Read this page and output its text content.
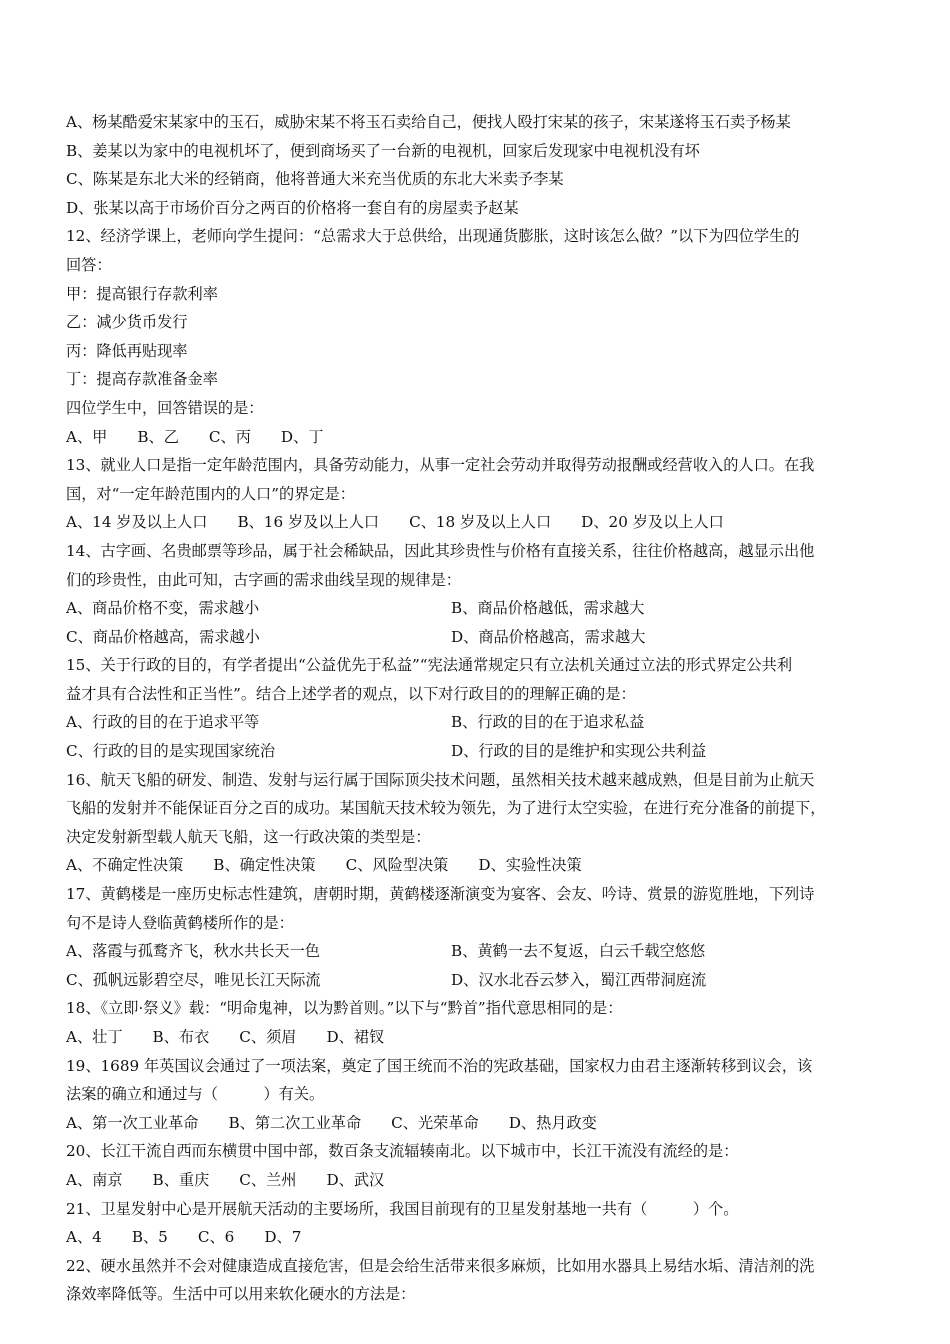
A、杨某酷爱宋某家中的玉石，威胁宋某不将玉石卖给自己，便找人殴打宋某的孩子，宋某遂将玉石卖予杨某
B、姜某以为家中的电视机坏了，便到商场买了一台新的电视机，回家后发现家中电视机没有坏
C、陈某是东北大米的经销商，他将普通大米充当优质的东北大米卖予李某
D、张某以高于市场价百分之两百的价格将一套自有的房屋卖予赵某
12、经济学课上，老师向学生提问：“总需求大于总供给，出现通货膨胀，这时该怎么做？”以下为四位学生的
回答：
甲：提高银行存款利率
乙：减少货币发行
丙：降低再贴现率
丁：提高存款准备金率
四位学生中，回答错误的是：
A、甲 B、乙 C、丙 D、丁
13、就业人口是指一定年龄范围内，具备劳动能力，从事一定社会劳动并取得劳动报酬或经营收入的人口。在我
国，对“一定年龄范围内的人口”的界定是：
A、14 岁及以上人口 B、16 岁及以上人口 C、18 岁及以上人口 D、20 岁及以上人口
14、古字画、名贵邮票等珍品，属于社会稀缺品，因此其珍贵性与价格有直接关系，往往价格越高，越显示出他
们的珍贵性，由此可知，古字画的需求曲线呈现的规律是：
A、商品价格不变，需求越小	B、商品价格越低，需求越大
C、商品价格越高，需求越小	D、商品价格越高，需求越大
15、关于行政的目的，有学者提出“公益优先于私益”“宪法通常规定只有立法机关通过立法的形式界定公共利
益才具有合法性和正当性”。结合上述学者的观点，以下对行政目的的理解正确的是：
A、行政的目的在于追求平等	B、行政的目的在于追求私益
C、行政的目的是实现国家统治	D、行政的目的是维护和实现公共利益
16、航天飞船的研发、制造、发射与运行属于国际顶尖技术问题，虽然相关技术越来越成熟，但是目前为止航天
飞船的发射并不能保证百分之百的成功。某国航天技术较为领先，为了进行太空实验，在进行充分准备的前提下，
决定发射新型载人航天飞船，这一行政决策的类型是：
A、不确定性决策 B、确定性决策 C、风险型决策 D、实验性决策
17、黄鹤楼是一座历史标志性建筑，唐朝时期，黄鹤楼逐渐演变为宴客、会友、吟诗、赏景的游览胜地，下列诗
句不是诗人登临黄鹤楼所作的是：
A、落霞与孤鹜齐飞，秋水共长天一色	B、黄鹤一去不复返，白云千载空悠悠
C、孤帆远影碧空尽，唯见长江天际流	D、汉水北吞云梦入，蜀江西带洞庭流
18、《立即·祭义》载：“明命鬼神，以为黔首则。”以下与“黔首”指代意思相同的是：
A、壮丁 B、布衣 C、须眉 D、裙钗
19、1689 年英国议会通过了一项法案，奠定了国王统而不治的宪政基础，国家权力由君主逐渐转移到议会，该
法案的确立和通过与（　　　）有关。
A、第一次工业革命 B、第二次工业革命 C、光荣革命 D、热月政变
20、长江干流自西而东横贯中国中部，数百条支流辐辏南北。以下城市中，长江干流没有流经的是：
A、南京 B、重庆 C、兰州 D、武汉
21、卫星发射中心是开展航天活动的主要场所，我国目前现有的卫星发射基地一共有（　　　）个。
A、4 B、5 C、6 D、7
22、硬水虽然并不会对健康造成直接危害，但是会给生活带来很多麻烦，比如用水器具上易结水垢、清洁剂的洗
涤效率降低等。生活中可以用来软化硬水的方法是：
